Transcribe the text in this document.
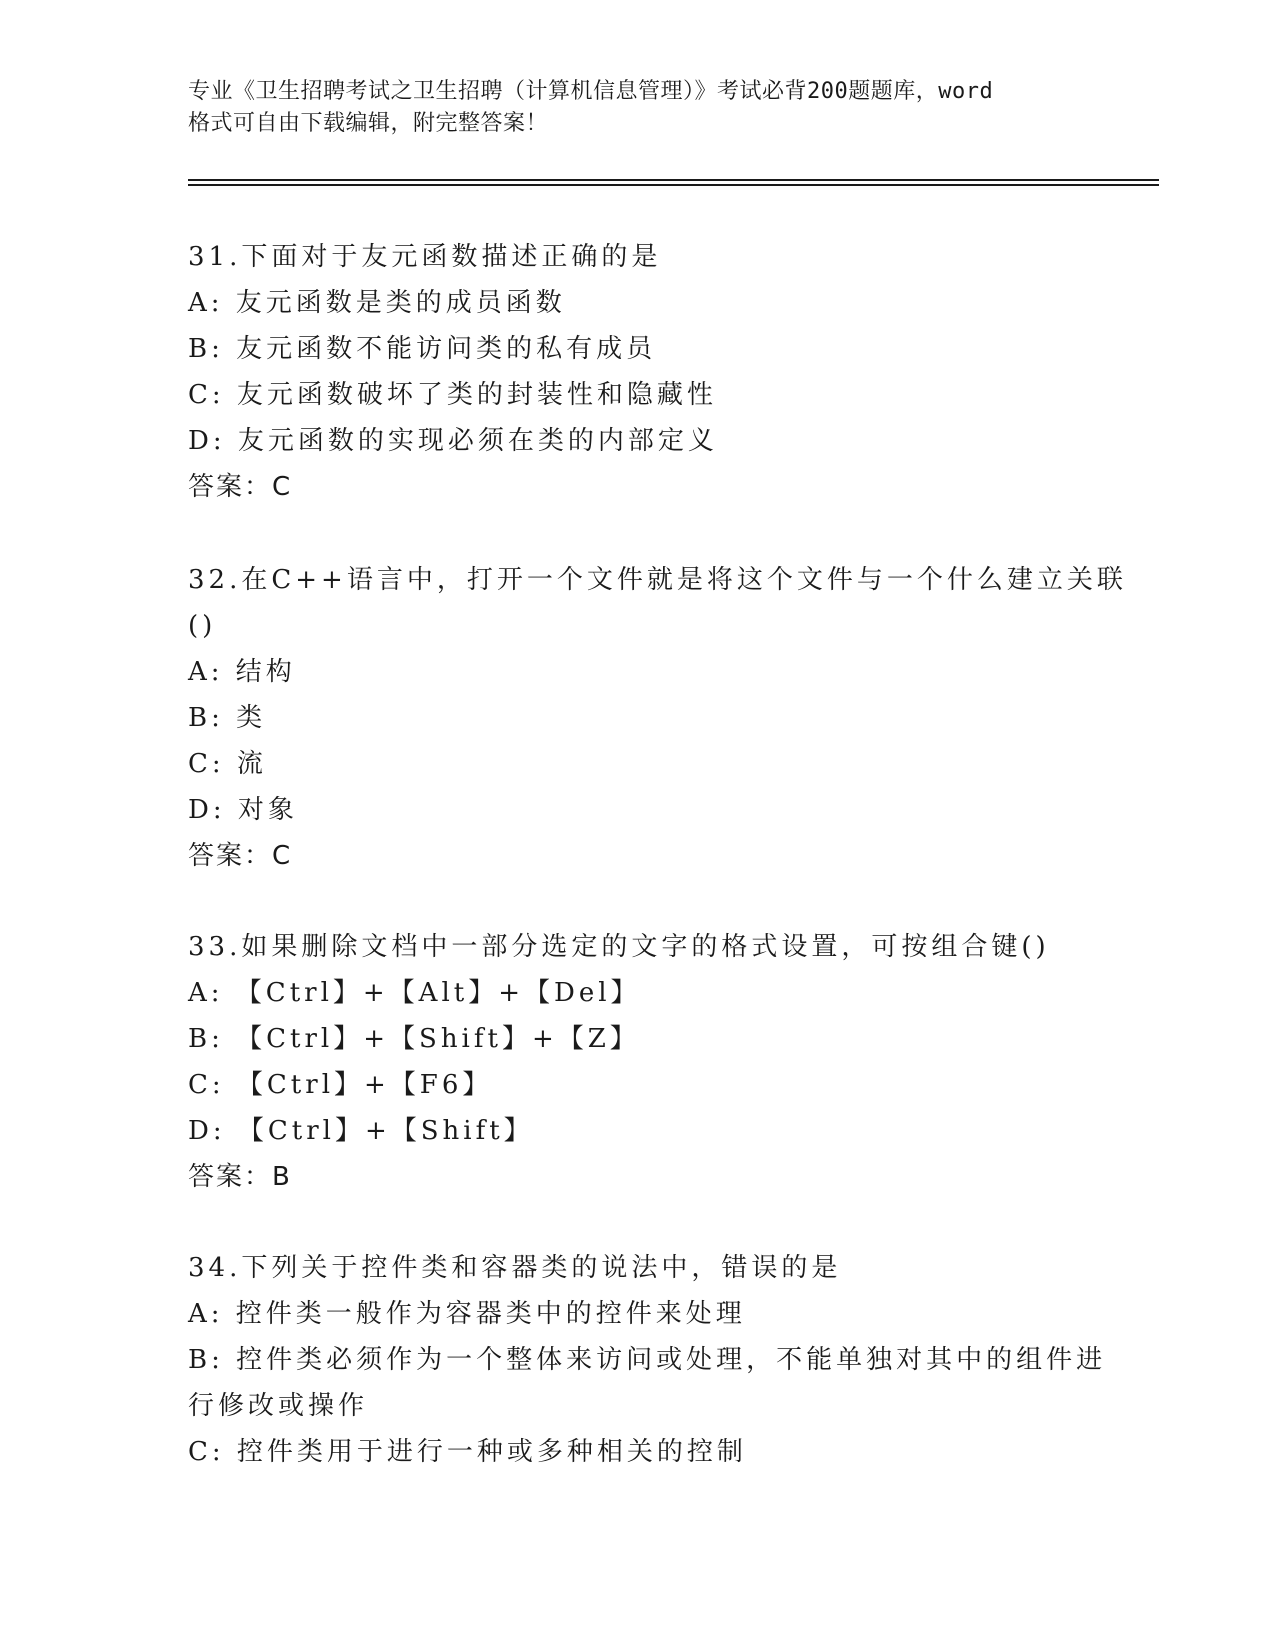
专业《卫生招聘考试之卫生招聘（计算机信息管理）》考试必背200题题库，word
格式可自由下载编辑，附完整答案！
31.下面对于友元函数描述正确的是
A: 友元函数是类的成员函数
B: 友元函数不能访问类的私有成员
C: 友元函数破坏了类的封装性和隐藏性
D: 友元函数的实现必须在类的内部定义
答案：C
32.在C++语言中，打开一个文件就是将这个文件与一个什么建立关联
()
A: 结构
B: 类
C: 流
D: 对象
答案：C
33.如果删除文档中一部分选定的文字的格式设置，可按组合键()
A: 【Ctrl】+【Alt】+【Del】
B: 【Ctrl】+【Shift】+【Z】
C: 【Ctrl】+【F6】
D: 【Ctrl】+【Shift】
答案：B
34.下列关于控件类和容器类的说法中，错误的是
A: 控件类一般作为容器类中的控件来处理
B: 控件类必须作为一个整体来访问或处理，不能单独对其中的组件进
行修改或操作
C: 控件类用于进行一种或多种相关的控制
